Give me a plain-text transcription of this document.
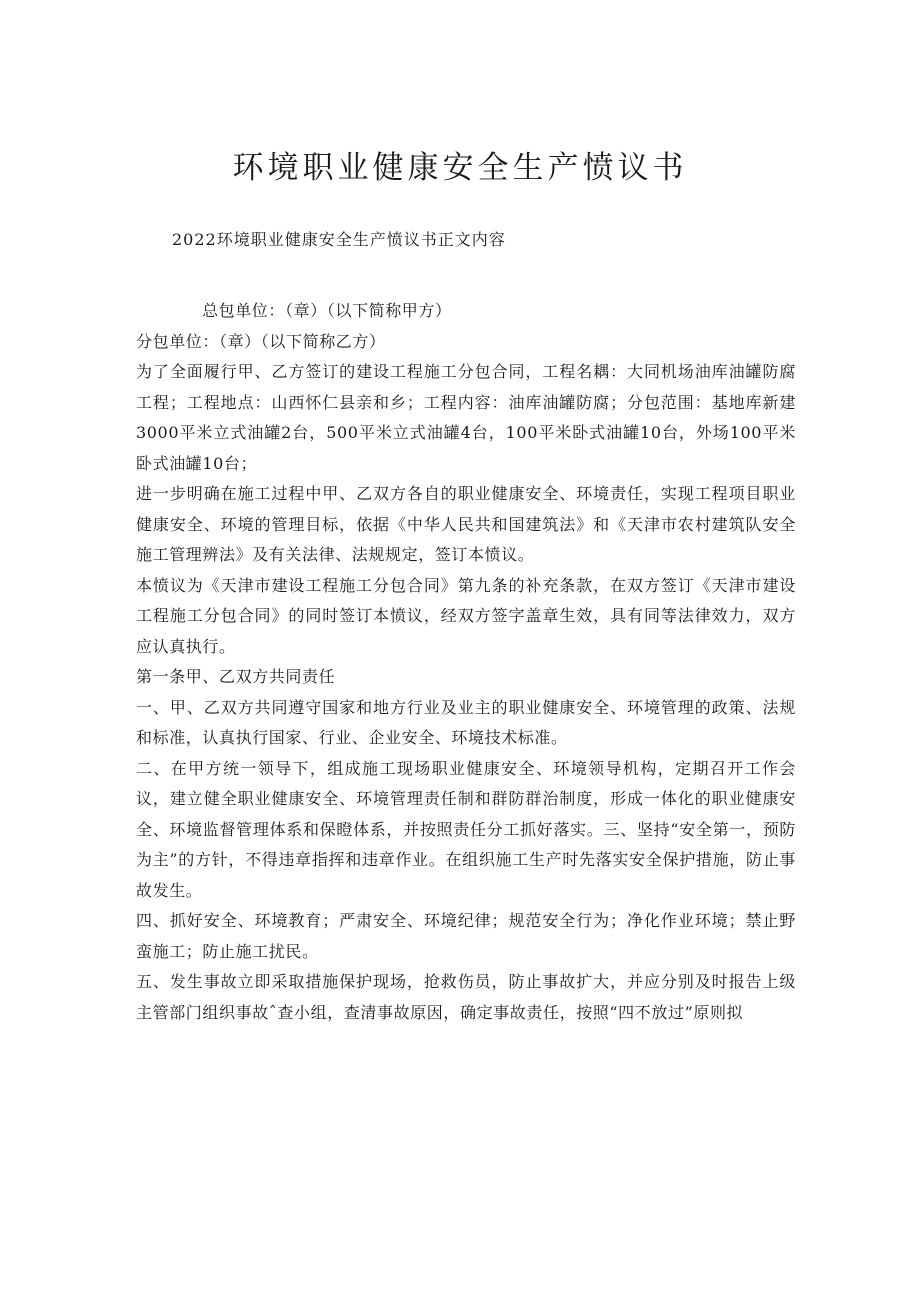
环境职业健康安全生产愤议书
2022环境职业健康安全生产愤议书正文内容

总包单位：（章）（以下简称甲方）

分包单位：（章）（以下简称乙方）

为了全面履行甲、乙方签订的建设工程施工分包合同，工程名耦：大同机场油库油罐防腐工程；工程地点：山西怀仁县亲和乡；工程内容：油库油罐防腐；分包范围：基地库新建3000平米立式油罐2台，500平米立式油罐4台，100平米卧式油罐10台，外场100平米卧式油罐10台；

进一步明确在施工过程中甲、乙双方各自的职业健康安全、环境责任，实现工程项目职业健康安全、环境的管理目标，依据《中华人民共和国建筑法》和《天津市农村建筑队安全施工管理辨法》及有关法律、法规规定，签订本愤议。

本愤议为《天津市建设工程施工分包合同》第九条的补充条款，在双方签订《天津市建设工程施工分包合同》的同时签订本愤议，经双方签字盖章生效，具有同等法律效力，双方应认真执行。

第一条甲、乙双方共同责任

一、甲、乙双方共同遵守国家和地方行业及业主的职业健康安全、环境管理的政策、法规和标准，认真执行国家、行业、企业安全、环境技术标准。

二、在甲方统一领导下，组成施工现场职业健康安全、环境领导机构，定期召开工作会议，建立健全职业健康安全、环境管理责任制和群防群治制度，形成一体化的职业健康安全、环境监督管理体系和保瞪体系，并按照责任分工抓好落实。三、坚持“安全第一，预防为主”的方针，不得违章指挥和违章作业。在组织施工生产时先落实安全保护措施，防止事故发生。

四、抓好安全、环境教育；严肃安全、环境纪律；规范安全行为；净化作业环境；禁止野蛮施工；防止施工扰民。

五、发生事故立即采取措施保护现场，抢救伤员，防止事故扩大，并应分别及时报告上级主管部门组织事故ˆ查小组，查清事故原因，确定事故责任，按照“四不放过”原则拟
